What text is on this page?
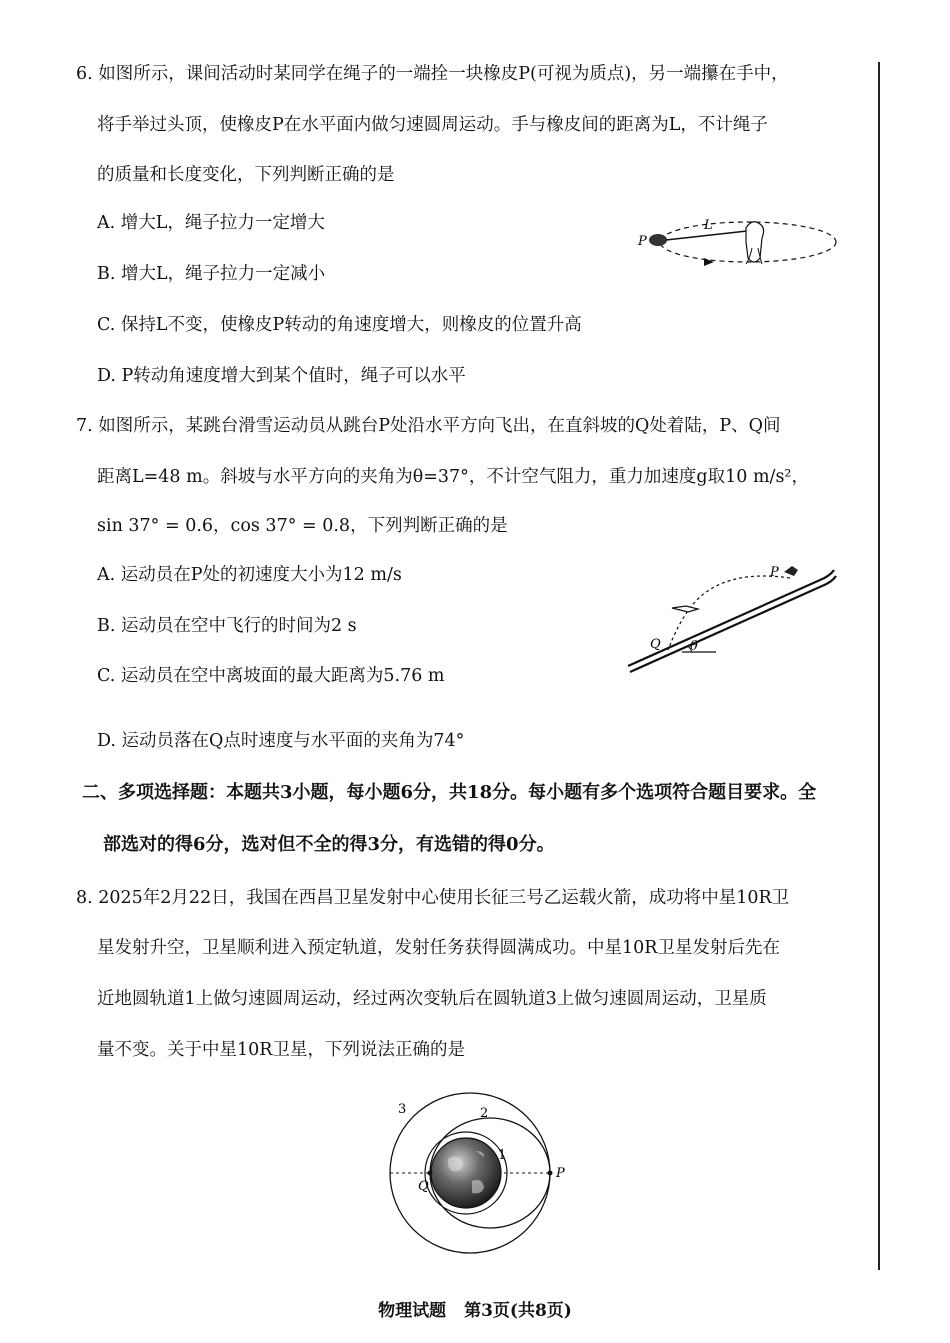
6. 如图所示，课间活动时某同学在绳子的一端拴一块橡皮P(可视为质点)，另一端攥在手中，
将手举过头顶，使橡皮P在水平面内做匀速圆周运动。手与橡皮间的距离为L，不计绳子
的质量和长度变化，下列判断正确的是
A. 增大L，绳子拉力一定增大
B. 增大L，绳子拉力一定减小
C. 保持L不变，使橡皮P转动的角速度增大，则橡皮的位置升高
D. P转动角速度增大到某个值时，绳子可以水平
P
L
7. 如图所示，某跳台滑雪运动员从跳台P处沿水平方向飞出，在直斜坡的Q处着陆，P、Q间
距离L=48 m。斜坡与水平方向的夹角为θ=37°，不计空气阻力，重力加速度g取10 m/s²，
sin 37° = 0.6，cos 37° = 0.8，下列判断正确的是
A. 运动员在P处的初速度大小为12 m/s
B. 运动员在空中飞行的时间为2 s
C. 运动员在空中离坡面的最大距离为5.76 m
D. 运动员落在Q点时速度与水平面的夹角为74°
P
Q θ
二、多项选择题：本题共3小题，每小题6分，共18分。每小题有多个选项符合题目要求。全
部选对的得6分，选对但不全的得3分，有选错的得0分。
8. 2025年2月22日，我国在西昌卫星发射中心使用长征三号乙运载火箭，成功将中星10R卫
星发射升空，卫星顺利进入预定轨道，发射任务获得圆满成功。中星10R卫星发射后先在
近地圆轨道1上做匀速圆周运动，经过两次变轨后在圆轨道3上做匀速圆周运动，卫星质
量不变。关于中星10R卫星，下列说法正确的是
3	2
1
Q
P
物理试题 第3页(共8页)
